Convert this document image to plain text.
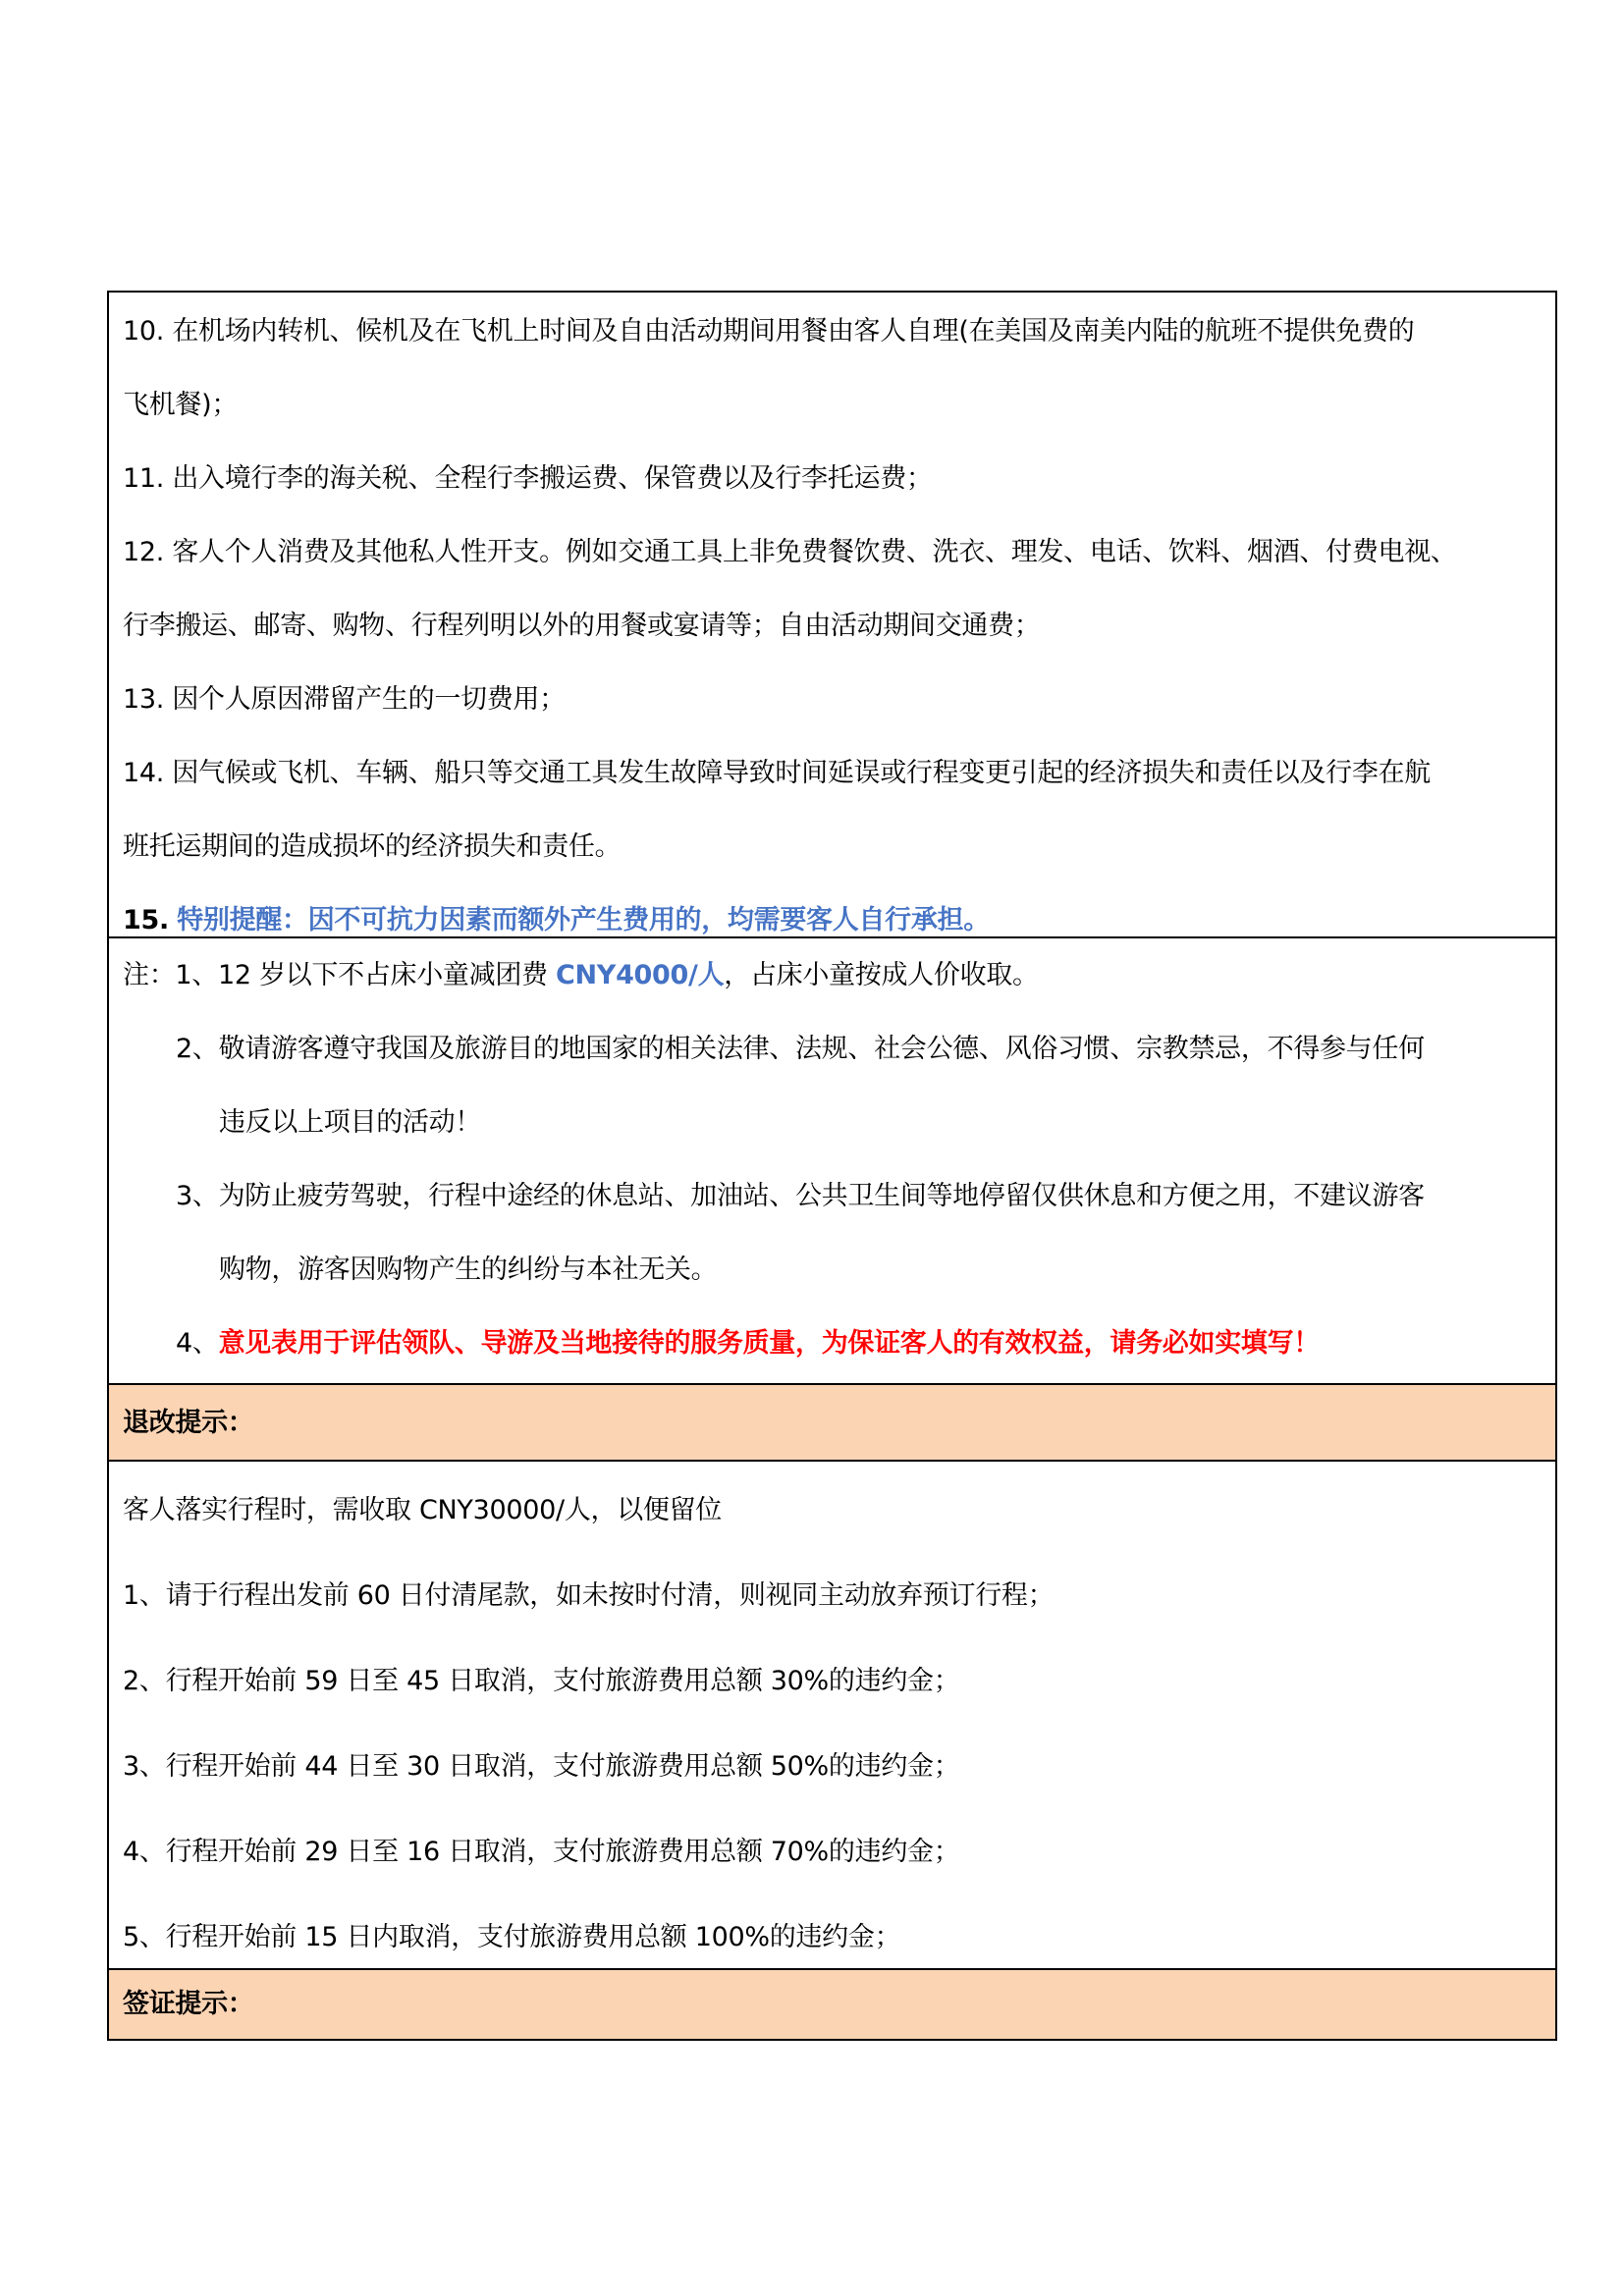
10. 在机场内转机、候机及在飞机上时间及自由活动期间用餐由客人自理(在美国及南美内陆的航班不提供免费的
飞机餐)；
11. 出入境行李的海关税、全程行李搬运费、保管费以及行李托运费；
12. 客人个人消费及其他私人性开支。例如交通工具上非免费餐饮费、洗衣、理发、电话、饮料、烟酒、付费电视、
行李搬运、邮寄、购物、行程列明以外的用餐或宴请等；自由活动期间交通费；
13. 因个人原因滞留产生的一切费用；
14. 因气候或飞机、车辆、船只等交通工具发生故障导致时间延误或行程变更引起的经济损失和责任以及行李在航
班托运期间的造成损坏的经济损失和责任。
15. 特别提醒：因不可抗力因素而额外产生费用的，均需要客人自行承担。
注：1、12 岁以下不占床小童减团费 CNY4000/人，占床小童按成人价收取。
2、敬请游客遵守我国及旅游目的地国家的相关法律、法规、社会公德、风俗习惯、宗教禁忌，不得参与任何
违反以上项目的活动！
3、为防止疲劳驾驶，行程中途经的休息站、加油站、公共卫生间等地停留仅供休息和方便之用，不建议游客
购物，游客因购物产生的纠纷与本社无关。
4、意见表用于评估领队、导游及当地接待的服务质量，为保证客人的有效权益，请务必如实填写！
退改提示：
客人落实行程时，需收取 CNY30000/人，以便留位
1、请于行程出发前 60 日付清尾款，如未按时付清，则视同主动放弃预订行程；
2、行程开始前 59 日至 45 日取消，支付旅游费用总额 30%的违约金；
3、行程开始前 44 日至 30 日取消，支付旅游费用总额 50%的违约金；
4、行程开始前 29 日至 16 日取消，支付旅游费用总额 70%的违约金；
5、行程开始前 15 日内取消，支付旅游费用总额 100%的违约金；
签证提示：
